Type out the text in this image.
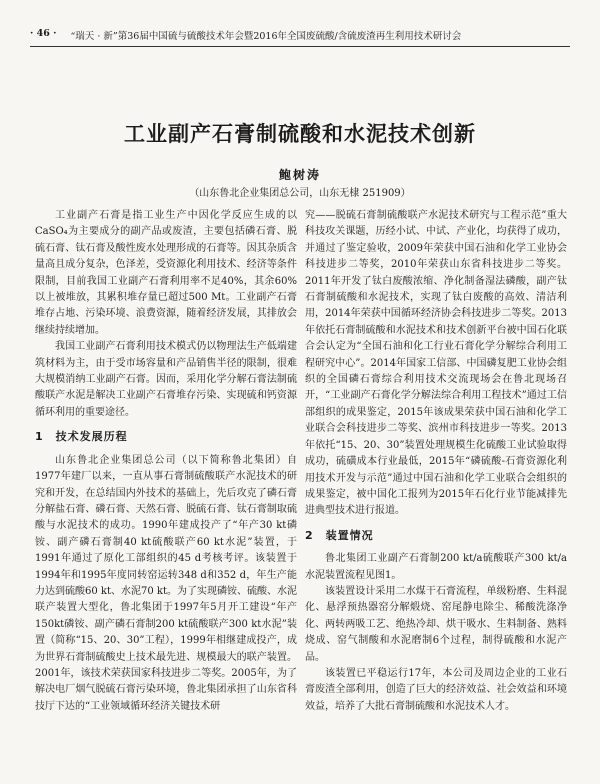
· 46 · “瑞天 · 新”第36届中国硫与硫酸技术年会暨2016年全国废硫酸/含硫废渣再生利用技术研讨会
工业副产石膏制硫酸和水泥技术创新
鲍树涛
（山东鲁北企业集团总公司，山东无棣 251909）

工业副产石膏是指工业生产中因化学反应生成的以CaSO₄为主要成分的副产品或废渣，主要包括磷石膏、脱硫石膏、钛石膏及酸性废水处理形成的石膏等。因其杂质含量高且成分复杂，色泽差，受资源化利用技术、经济等条件限制，目前我国工业副产石膏利用率不足40%，其余60%以上被堆放，其累积堆存量已超过500 Mt。工业副产石膏堆存占地、污染环境、浪费资源，随着经济发展，其排放会继续持续增加。

我国工业副产石膏利用技术模式仍以物理法生产低端建筑材料为主，由于受市场容量和产品销售半径的限制，很难大规模消纳工业副产石膏。因而，采用化学分解石膏法制硫酸联产水泥是解决工业副产石膏堆存污染、实现硫和钙资源循环利用的重要途径。

1　技术发展历程

山东鲁北企业集团总公司（以下简称鲁北集团）自1977年建厂以来，一直从事石膏制硫酸联产水泥技术的研究和开发，在总结国内外技术的基础上，先后攻克了磷石膏分解盐石膏、磷石膏、天然石膏、脱硫石膏、钛石膏制取硫酸与水泥技术的成功。1990年建成投产了“年产30 kt磷铵、副产磷石膏制40 kt硫酸联产60 kt水泥”装置，于1991年通过了原化工部组织的45 d考核考评。该装置于1994年和1995年度同转窑运转348 d和352 d，年生产能力达到硫酸60 kt、水泥70 kt。为了实现磷铵、硫酸、水泥联产装置大型化，鲁北集团于1997年5月开工建设“年产150kt磷铵、副产磷石膏制200 kt硫酸联产300 kt水泥”装置（简称“15、20、30”工程），1999年相继建成投产，成为世界石膏制硫酸史上技术最先进、规模最大的联产装置。2001年，该技术荣获国家科技进步二等奖。2005年，为了解决电厂烟气脱硫石膏污染环境，鲁北集团承担了山东省科技厅下达的“工业领域循环经济关键技术研

究——脱硫石膏制硫酸联产水泥技术研究与工程示范”重大科技攻关课题，历经小试、中试、产业化，均获得了成功，并通过了鉴定验收，2009年荣获中国石油和化学工业协会科技进步二等奖，2010年荣获山东省科技进步二等奖。2011年开发了钛白废酸浓缩、净化制备湿法磷酸，副产钛石膏制硫酸和水泥技术，实现了钛白废酸的高效、清洁利用，2014年荣获中国循环经济协会科技进步二等奖。2013年依托石膏制硫酸和水泥技术和技术创新平台被中国石化联合会认定为“全国石油和化工行业石膏化学分解综合利用工程研究中心”。2014年国家工信部、中国磷复肥工业协会组织的全国磷石膏综合利用技术交流现场会在鲁北现场召开，“工业副产石膏化学分解法综合利用工程技术”通过工信部组织的成果鉴定，2015年该成果荣获中国石油和化学工业联合会科技进步二等奖、滨州市科技进步一等奖。2013年依托“15、20、30”装置处理规模生化硫酸工业试验取得成功，硫磺成本行业最低，2015年“磷硫酸-石膏资源化利用技术开发与示范”通过中国石油和化学工业联合会组织的成果鉴定，被中国化工报列为2015年石化行业节能减排先进典型技术进行报道。

2　装置情况

鲁北集团工业副产石膏制200 kt/a硫酸联产300 kt/a水泥装置流程见图1。

该装置设计采用二水煤干石膏流程，单级粉磨、生料混化、悬浮预热器窑分解煅烧、窑尾静电除尘、稀酸洗涤净化、两转两吸工艺、绝热冷却、烘干吸水、生料制备、熟料烧成、窑气制酸和水泥磨制6个过程，制得硫酸和水泥产品。

该装置已平稳运行17年，本公司及周边企业的工业石膏废渣全部利用，创造了巨大的经济效益、社会效益和环境效益，培养了大批石膏制硫酸和水泥技术人才。
